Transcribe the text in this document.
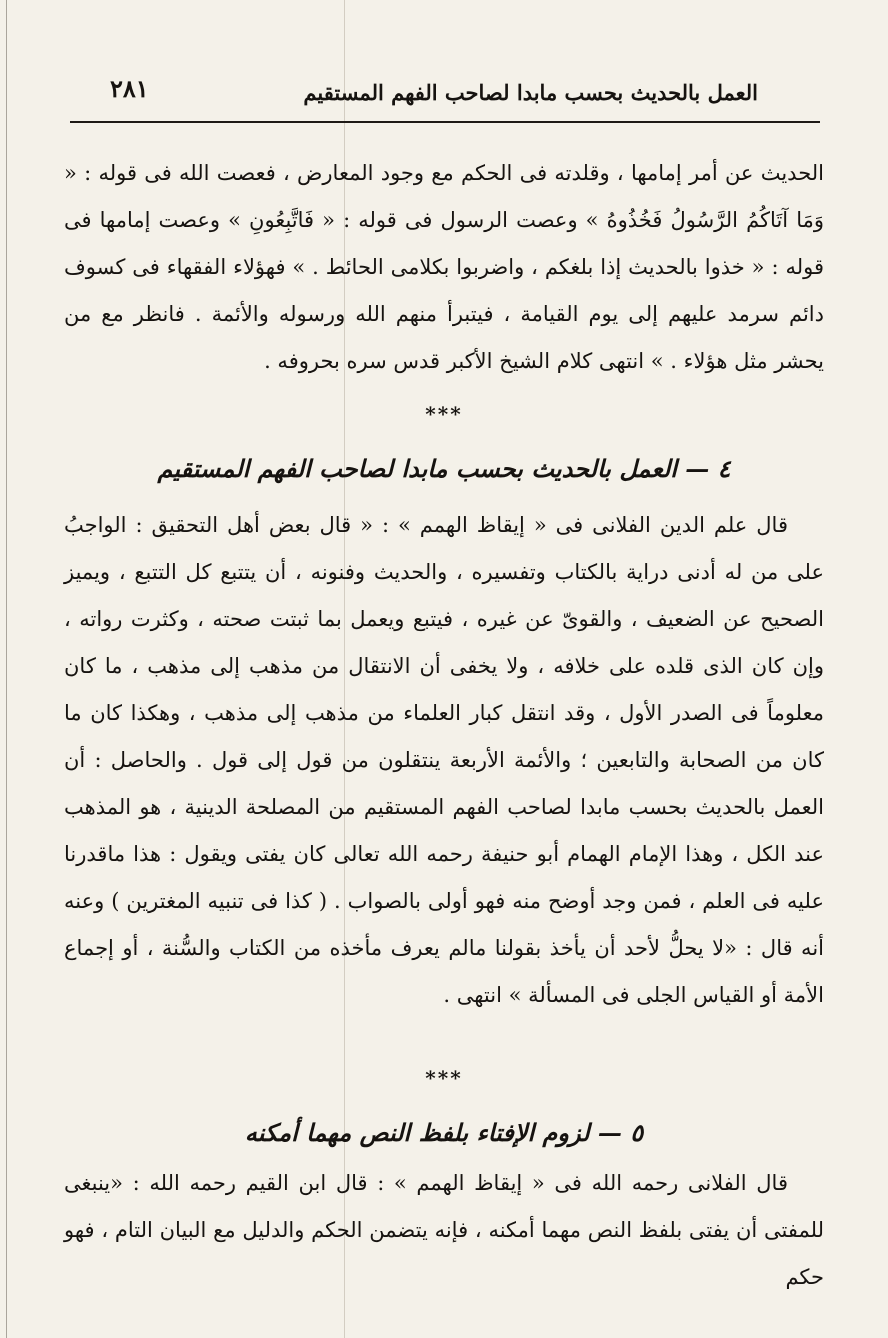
٢٨١	العمل بالحديث بحسب مابدا لصاحب الفهم المستقيم
الحديث عن أمر إمامها ، وقلدته فى الحكم مع وجود المعارض ، فعصت الله فى قوله : « وَمَا آتَاكُمُ الرَّسُولُ فَخُذُوهُ » وعصت الرسول فى قوله : « فَاتَّبِعُونِ » وعصت إمامها فى قوله : « خذوا بالحديث إذا بلغكم ، واضربوا بكلامى الحائط . » فهؤلاء الفقهاء فى كسوف دائم سرمد عليهم إلى يوم القيامة ، فيتبرأ منهم الله ورسوله والأئمة . فانظر مع من يحشر مثل هؤلاء . » انتهى كلام الشيخ الأكبر قدس سره بحروفه .
***
٤ — العمل بالحديث بحسب مابدا لصاحب الفهم المستقيم
قال علم الدين الفلانى فى « إيقاظ الهمم » : « قال بعض أهل التحقيق : الواجبُ على من له أدنى دراية بالكتاب وتفسيره ، والحديث وفنونه ، أن يتتبع كل التتبع ، ويميز الصحيح عن الضعيف ، والقوىّ عن غيره ، فيتبع ويعمل بما ثبتت صحته ، وكثرت رواته ، وإن كان الذى قلده على خلافه ، ولا يخفى أن الانتقال من مذهب إلى مذهب ، ما كان معلوماً فى الصدر الأول ، وقد انتقل كبار العلماء من مذهب إلى مذهب ، وهكذا كان ما كان من الصحابة والتابعين ؛ والأئمة الأربعة ينتقلون من قول إلى قول . والحاصل : أن العمل بالحديث بحسب مابدا لصاحب الفهم المستقيم من المصلحة الدينية ، هو المذهب عند الكل ، وهذا الإمام الهمام أبو حنيفة رحمه الله تعالى كان يفتى ويقول : هذا ماقدرنا عليه فى العلم ، فمن وجد أوضح منه فهو أولى بالصواب . ( كذا فى تنبيه المغترين ) وعنه أنه قال : «لا يحلُّ لأحد أن يأخذ بقولنا مالم يعرف مأخذه من الكتاب والسُّنة ، أو إجماع الأمة أو القياس الجلى فى المسألة » انتهى .
***
٥ — لزوم الإفتاء بلفظ النص مهما أمكنه
قال الفلانى رحمه الله فى « إيقاظ الهمم » : قال ابن القيم رحمه الله : «ينبغى للمفتى أن يفتى بلفظ النص مهما أمكنه ، فإنه يتضمن الحكم والدليل مع البيان التام ، فهو حكم
